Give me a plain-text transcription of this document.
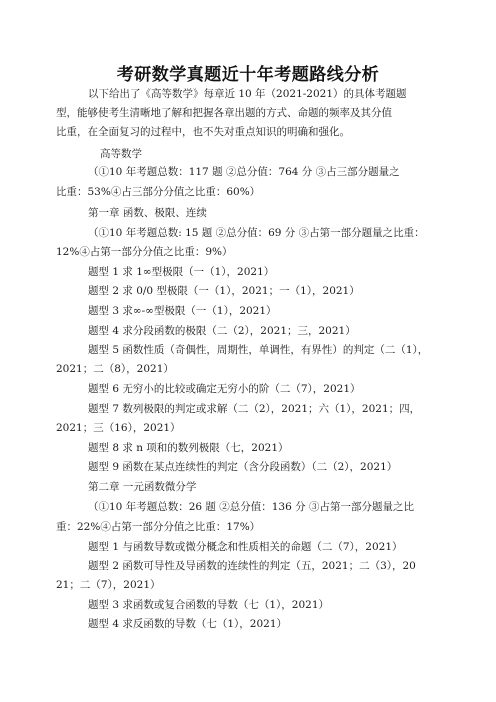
考研数学真题近十年考题路线分析
以下给出了《高等数学》每章近 10 年（2021-2021）的具体考题题
型，能够使考生清晰地了解和把握各章出题的方式、命题的频率及其分值
比重，在全面复习的过程中，也不失对重点知识的明确和强化。
高等数学
（①10 年考题总数：117 题 ②总分值：764 分 ③占三部分题量之
比重：53%④占三部分分值之比重：60%）
第一章 函数、极限、连续
（①10 年考题总数: 15 题 ②总分值：69 分 ③占第一部分题量之比重：
12%④占第一部分分值之比重：9%）
题型 1 求 1∞型极限（一（1），2021）
题型 2 求 0/0 型极限（一（1），2021；一（1），2021）
题型 3 求∞-∞型极限（一（1），2021）
题型 4 求分段函数的极限（二（2），2021；三，2021）
题型 5 函数性质（奇偶性，周期性，单调性，有界性）的判定（二（1），
2021；二（8），2021）
题型 6 无穷小的比较或确定无穷小的阶（二（7），2021）
题型 7 数列极限的判定或求解（二（2），2021；六（1），2021；四，
2021；三（16），2021）
题型 8 求 n 项和的数列极限（七，2021）
题型 9 函数在某点连续性的判定（含分段函数）（二（2），2021）
第二章 一元函数微分学
（①10 年考题总数：26 题 ②总分值：136 分 ③占第一部分题量之比
重：22%④占第一部分分值之比重：17%）
题型 1 与函数导数或微分概念和性质相关的命题（二（7），2021）
题型 2 函数可导性及导函数的连续性的判定（五，2021；二（3），20
21；二（7），2021）
题型 3 求函数或复合函数的导数（七（1），2021）
题型 4 求反函数的导数（七（1），2021）
